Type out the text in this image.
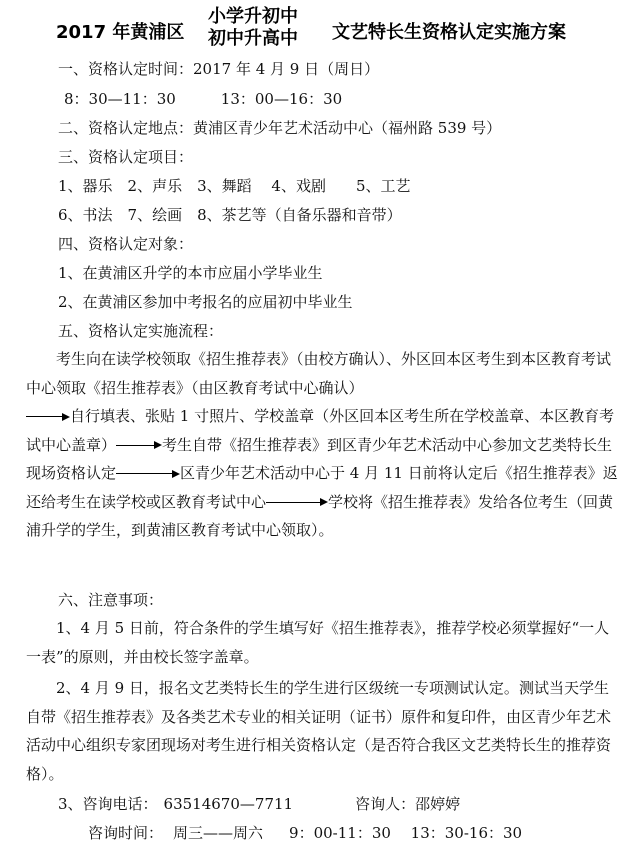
2017 年黄浦区
小学升初中
初中升高中 文艺特长生资格认定实施方案
一、资格认定时间：2017 年 4 月 9 日（周日）
8：30—11：30　　　13：00—16：30
二、资格认定地点：黄浦区青少年艺术活动中心（福州路 539 号）
三、资格认定项目：
1、器乐　2、声乐　3、舞蹈　 4、戏剧　　5、工艺
6、书法　7、绘画　8、茶艺等（自备乐器和音带）
四、资格认定对象：
1、在黄浦区升学的本市应届小学毕业生
2、在黄浦区参加中考报名的应届初中毕业生
五、资格认定实施流程：
考生向在读学校领取《招生推荐表》（由校方确认）、外区回本区考生到本区教育考试中心领取《招生推荐表》（由区教育考试中心确认）
自行填表、张贴 1 寸照片、学校盖章（外区回本区考生所在学校盖章、本区教育考试中心盖章）	考生自带《招生推荐表》到区青少年艺术活动中心参加文艺类特长生现场资格认定	区青少年艺术活动中心于 4 月 11 日前将认定后《招生推荐表》返还给考生在读学校或区教育考试中心	学校将《招生推荐表》发给各位考生（回黄浦升学的学生，到黄浦区教育考试中心领取）。
六、注意事项：
1、4 月 5 日前，符合条件的学生填写好《招生推荐表》，推荐学校必须掌握好“一人一表”的原则，并由校长签字盖章。
2、4 月 9 日，报名文艺类特长生的学生进行区级统一专项测试认定。测试当天学生自带《招生推荐表》及各类艺术专业的相关证明（证书）原件和复印件，由区青少年艺术活动中心组织专家团现场对考生进行相关资格认定（是否符合我区文艺类特长生的推荐资格）。
3、咨询电话： 63514670—7711	咨询人：邵婷婷
咨询时间： 周三——周六 9：00-11：30　 13：30-16：30
